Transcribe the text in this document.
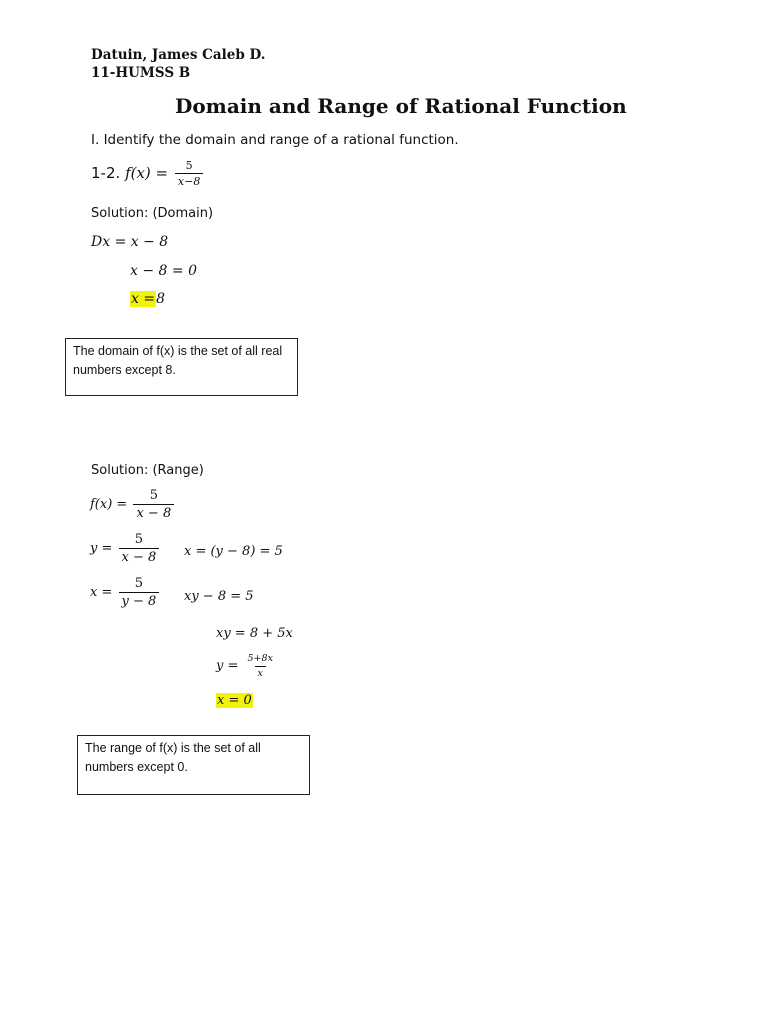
Datuin, James Caleb D.
11-HUMSS B
Domain and Range of Rational Function
I. Identify the domain and range of a rational function.
1-2. $f(x) = \frac{5}{x-8}$
Solution: (Domain)
Dx = x − 8
x − 8 = 0
x =8
The domain of f(x) is the set of all real numbers except 8.
Solution: (Range)
$f(x) = \frac{5}{x - 8}$
$y = \frac{5}{x - 8}$ x = (y − 8) = 5
$x = \frac{5}{y - 8}$ xy − 8 = 5
xy = 8 + 5x
$y = \frac{5+8x}{x}$
x = 0
The range of f(x) is the set of all numbers except 0.
